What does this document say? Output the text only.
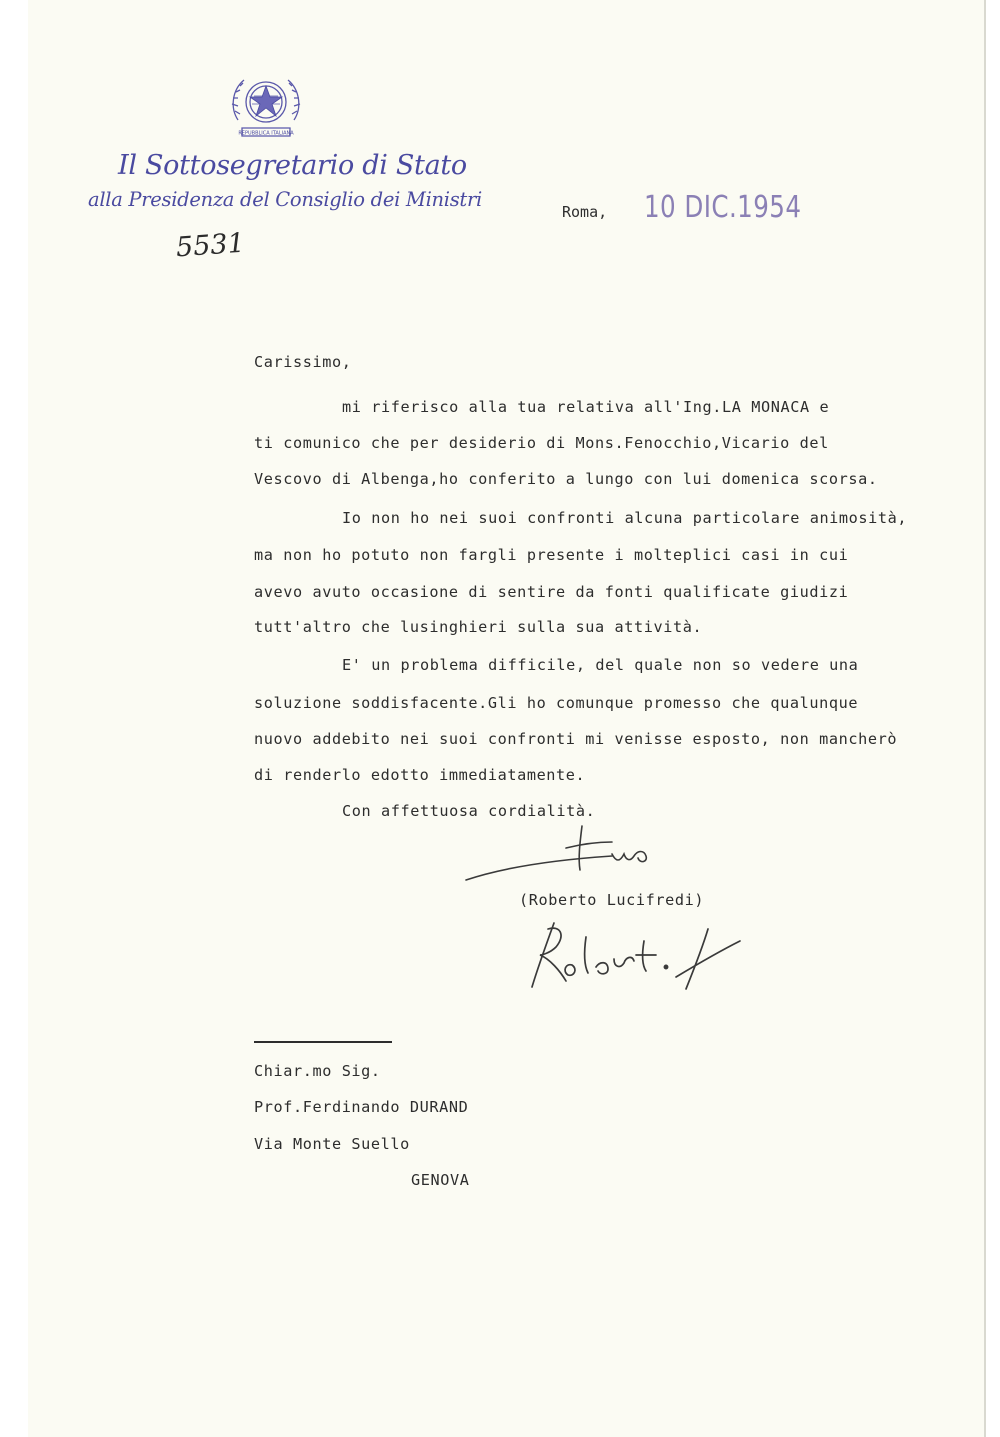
REPUBBLICA ITALIANA
Il Sottosegretario di Stato
alla Presidenza del Consiglio dei Ministri
5531
Roma, 10 DIC.1954
Carissimo,
mi riferisco alla tua relativa all'Ing.LA MONACA e
ti comunico che per desiderio di Mons.Fenocchio,Vicario del
Vescovo di Albenga,ho conferito a lungo con lui domenica scorsa.
Io non ho nei suoi confronti alcuna particolare animosità,
ma non ho potuto non fargli presente i molteplici casi in cui
avevo avuto occasione di sentire da fonti qualificate giudizi
tutt'altro che lusinghieri sulla sua attività.
E' un problema difficile, del quale non so vedere una
soluzione soddisfacente.Gli ho comunque promesso che qualunque
nuovo addebito nei suoi confronti mi venisse esposto, non mancherò
di renderlo edotto immediatamente.
Con affettuosa cordialità.
(Roberto Lucifredi)
Chiar.mo Sig.
Prof.Ferdinando DURAND
Via Monte Suello
GENOVA
